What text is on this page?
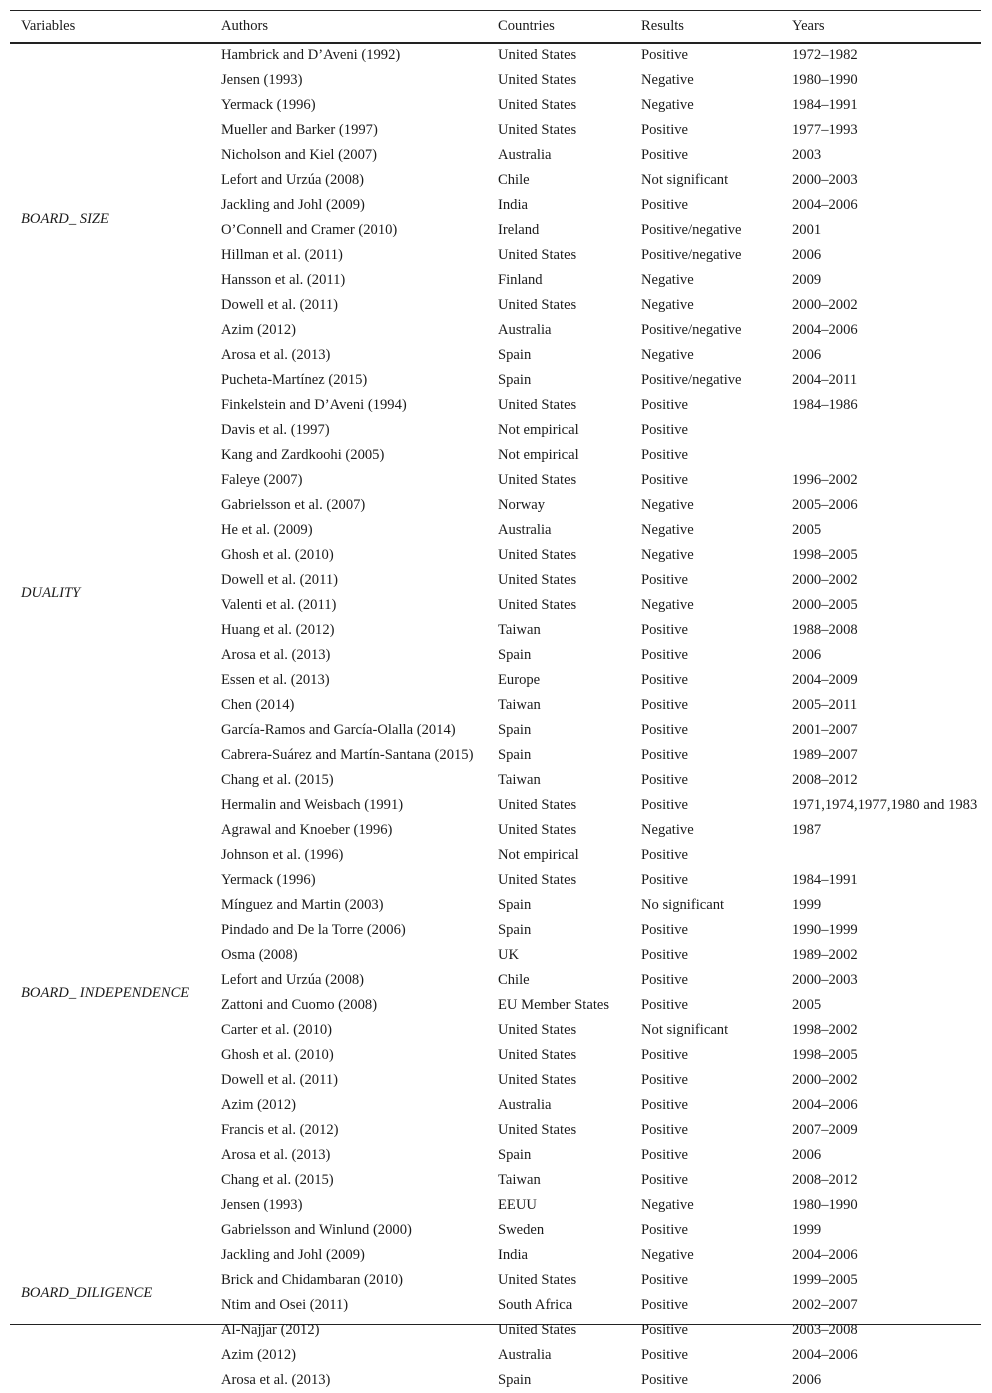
Variables	Authors	Countries	Results	Years
BOARD_ SIZE	Hambrick and D’Aveni (1992)	United States	Positive	1972–1982
	Jensen (1993)	United States	Negative	1980–1990
	Yermack (1996)	United States	Negative	1984–1991
	Mueller and Barker (1997)	United States	Positive	1977–1993
	Nicholson and Kiel (2007)	Australia	Positive	2003
	Lefort and Urzúa (2008)	Chile	Not significant	2000–2003
	Jackling and Johl (2009)	India	Positive	2004–2006
	O’Connell and Cramer (2010)	Ireland	Positive/negative	2001
	Hillman et al. (2011)	United States	Positive/negative	2006
	Hansson et al. (2011)	Finland	Negative	2009
	Dowell et al. (2011)	United States	Negative	2000–2002
	Azim (2012)	Australia	Positive/negative	2004–2006
	Arosa et al. (2013)	Spain	Negative	2006
	Pucheta-Martínez (2015)	Spain	Positive/negative	2004–2011
DUALITY	Finkelstein and D’Aveni (1994)	United States	Positive	1984–1986
	Davis et al. (1997)	Not empirical	Positive	
	Kang and Zardkoohi (2005)	Not empirical	Positive	
	Faleye (2007)	United States	Positive	1996–2002
	Gabrielsson et al. (2007)	Norway	Negative	2005–2006
	He et al. (2009)	Australia	Negative	2005
	Ghosh et al. (2010)	United States	Negative	1998–2005
	Dowell et al. (2011)	United States	Positive	2000–2002
	Valenti et al. (2011)	United States	Negative	2000–2005
	Huang et al. (2012)	Taiwan	Positive	1988–2008
	Arosa et al. (2013)	Spain	Positive	2006
	Essen et al. (2013)	Europe	Positive	2004–2009
	Chen (2014)	Taiwan	Positive	2005–2011
	García-Ramos and García-Olalla (2014)	Spain	Positive	2001–2007
	Cabrera-Suárez and Martín-Santana (2015)	Spain	Positive	1989–2007
	Chang et al. (2015)	Taiwan	Positive	2008–2012
BOARD_ INDEPENDENCE	Hermalin and Weisbach (1991)	United States	Positive	1971,1974,1977,1980 and 1983
	Agrawal and Knoeber (1996)	United States	Negative	1987
	Johnson et al. (1996)	Not empirical	Positive	
	Yermack (1996)	United States	Positive	1984–1991
	Mínguez and Martin (2003)	Spain	No significant	1999
	Pindado and De la Torre (2006)	Spain	Positive	1990–1999
	Osma (2008)	UK	Positive	1989–2002
	Lefort and Urzúa (2008)	Chile	Positive	2000–2003
	Zattoni and Cuomo (2008)	EU Member States	Positive	2005
	Carter et al. (2010)	United States	Not significant	1998–2002
	Ghosh et al. (2010)	United States	Positive	1998–2005
	Dowell et al. (2011)	United States	Positive	2000–2002
	Azim (2012)	Australia	Positive	2004–2006
	Francis et al. (2012)	United States	Positive	2007–2009
	Arosa et al. (2013)	Spain	Positive	2006
	Chang et al. (2015)	Taiwan	Positive	2008–2012
BOARD_DILIGENCE	Jensen (1993)	EEUU	Negative	1980–1990
	Gabrielsson and Winlund (2000)	Sweden	Positive	1999
	Jackling and Johl (2009)	India	Negative	2004–2006
	Brick and Chidambaran (2010)	United States	Positive	1999–2005
	Ntim and Osei (2011)	South Africa	Positive	2002–2007
	Al-Najjar (2012)	United States	Positive	2003–2008
	Azim (2012)	Australia	Positive	2004–2006
	Arosa et al. (2013)	Spain	Positive	2006
